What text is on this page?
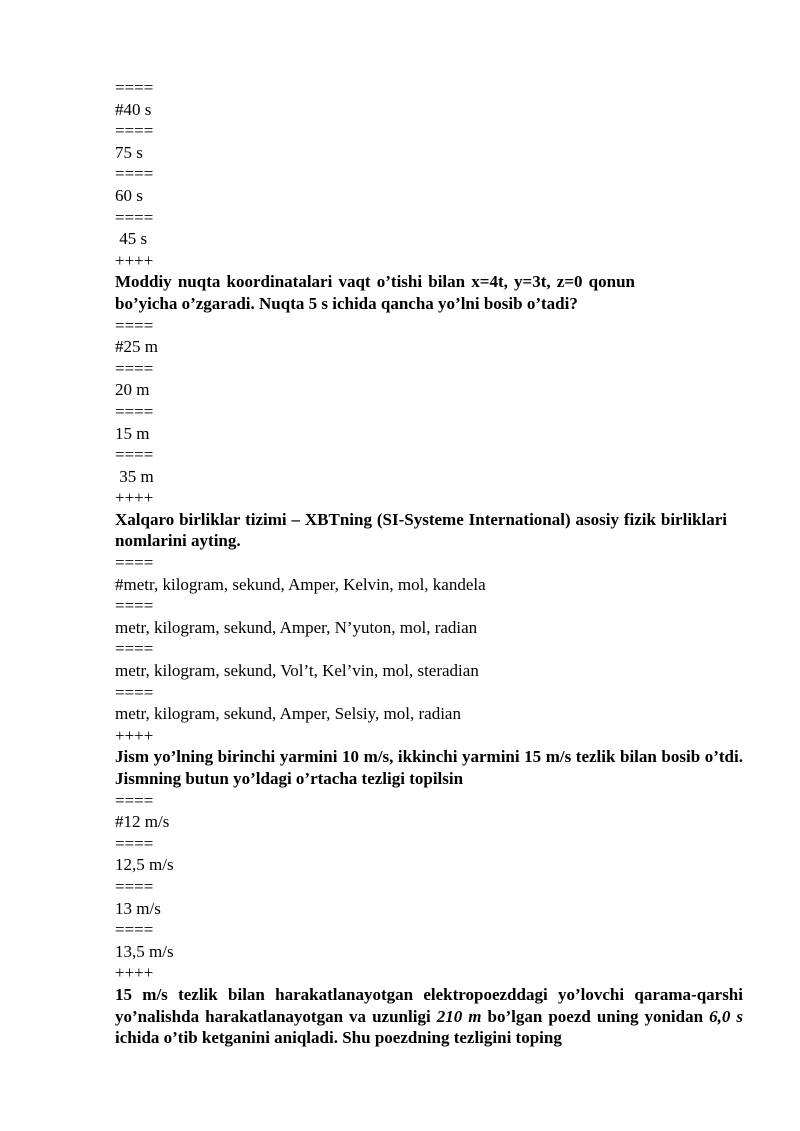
====
#40 s
====
75 s
====
60 s
====
45 s
++++
Moddiy nuqta koordinatalari vaqt o’tishi bilan x=4t, y=3t, z=0 qonun bo’yicha o’zgaradi. Nuqta 5 s ichida qancha yo’lni bosib o’tadi?
====
#25 m
====
20 m
====
15 m
====
35 m
++++
Xalqaro birliklar tizimi – XBTning (SI-Systeme International) asosiy fizik birliklari nomlarini ayting.
====
#metr, kilogram, sekund, Amper, Kelvin, mol, kandela
====
metr, kilogram, sekund, Amper, N’yuton, mol, radian
====
metr, kilogram, sekund, Vol’t, Kel’vin, mol, steradian
====
metr, kilogram, sekund, Amper, Selsiy, mol, radian
++++
Jism yo’lning birinchi yarmini 10 m/s, ikkinchi yarmini 15 m/s tezlik bilan bosib o’tdi. Jismning butun yo’ldagi o’rtacha tezligi topilsin
====
#12 m/s
====
12,5 m/s
====
13 m/s
====
13,5 m/s
++++
15 m/s tezlik bilan harakatlanayotgan elektropoezddagi yo’lovchi qarama-qarshi yo’nalishda harakatlanayotgan va uzunligi 210 m bo’lgan poezd uning yonidan 6,0 s ichida o’tib ketganini aniqladi. Shu poezdning tezligini toping
